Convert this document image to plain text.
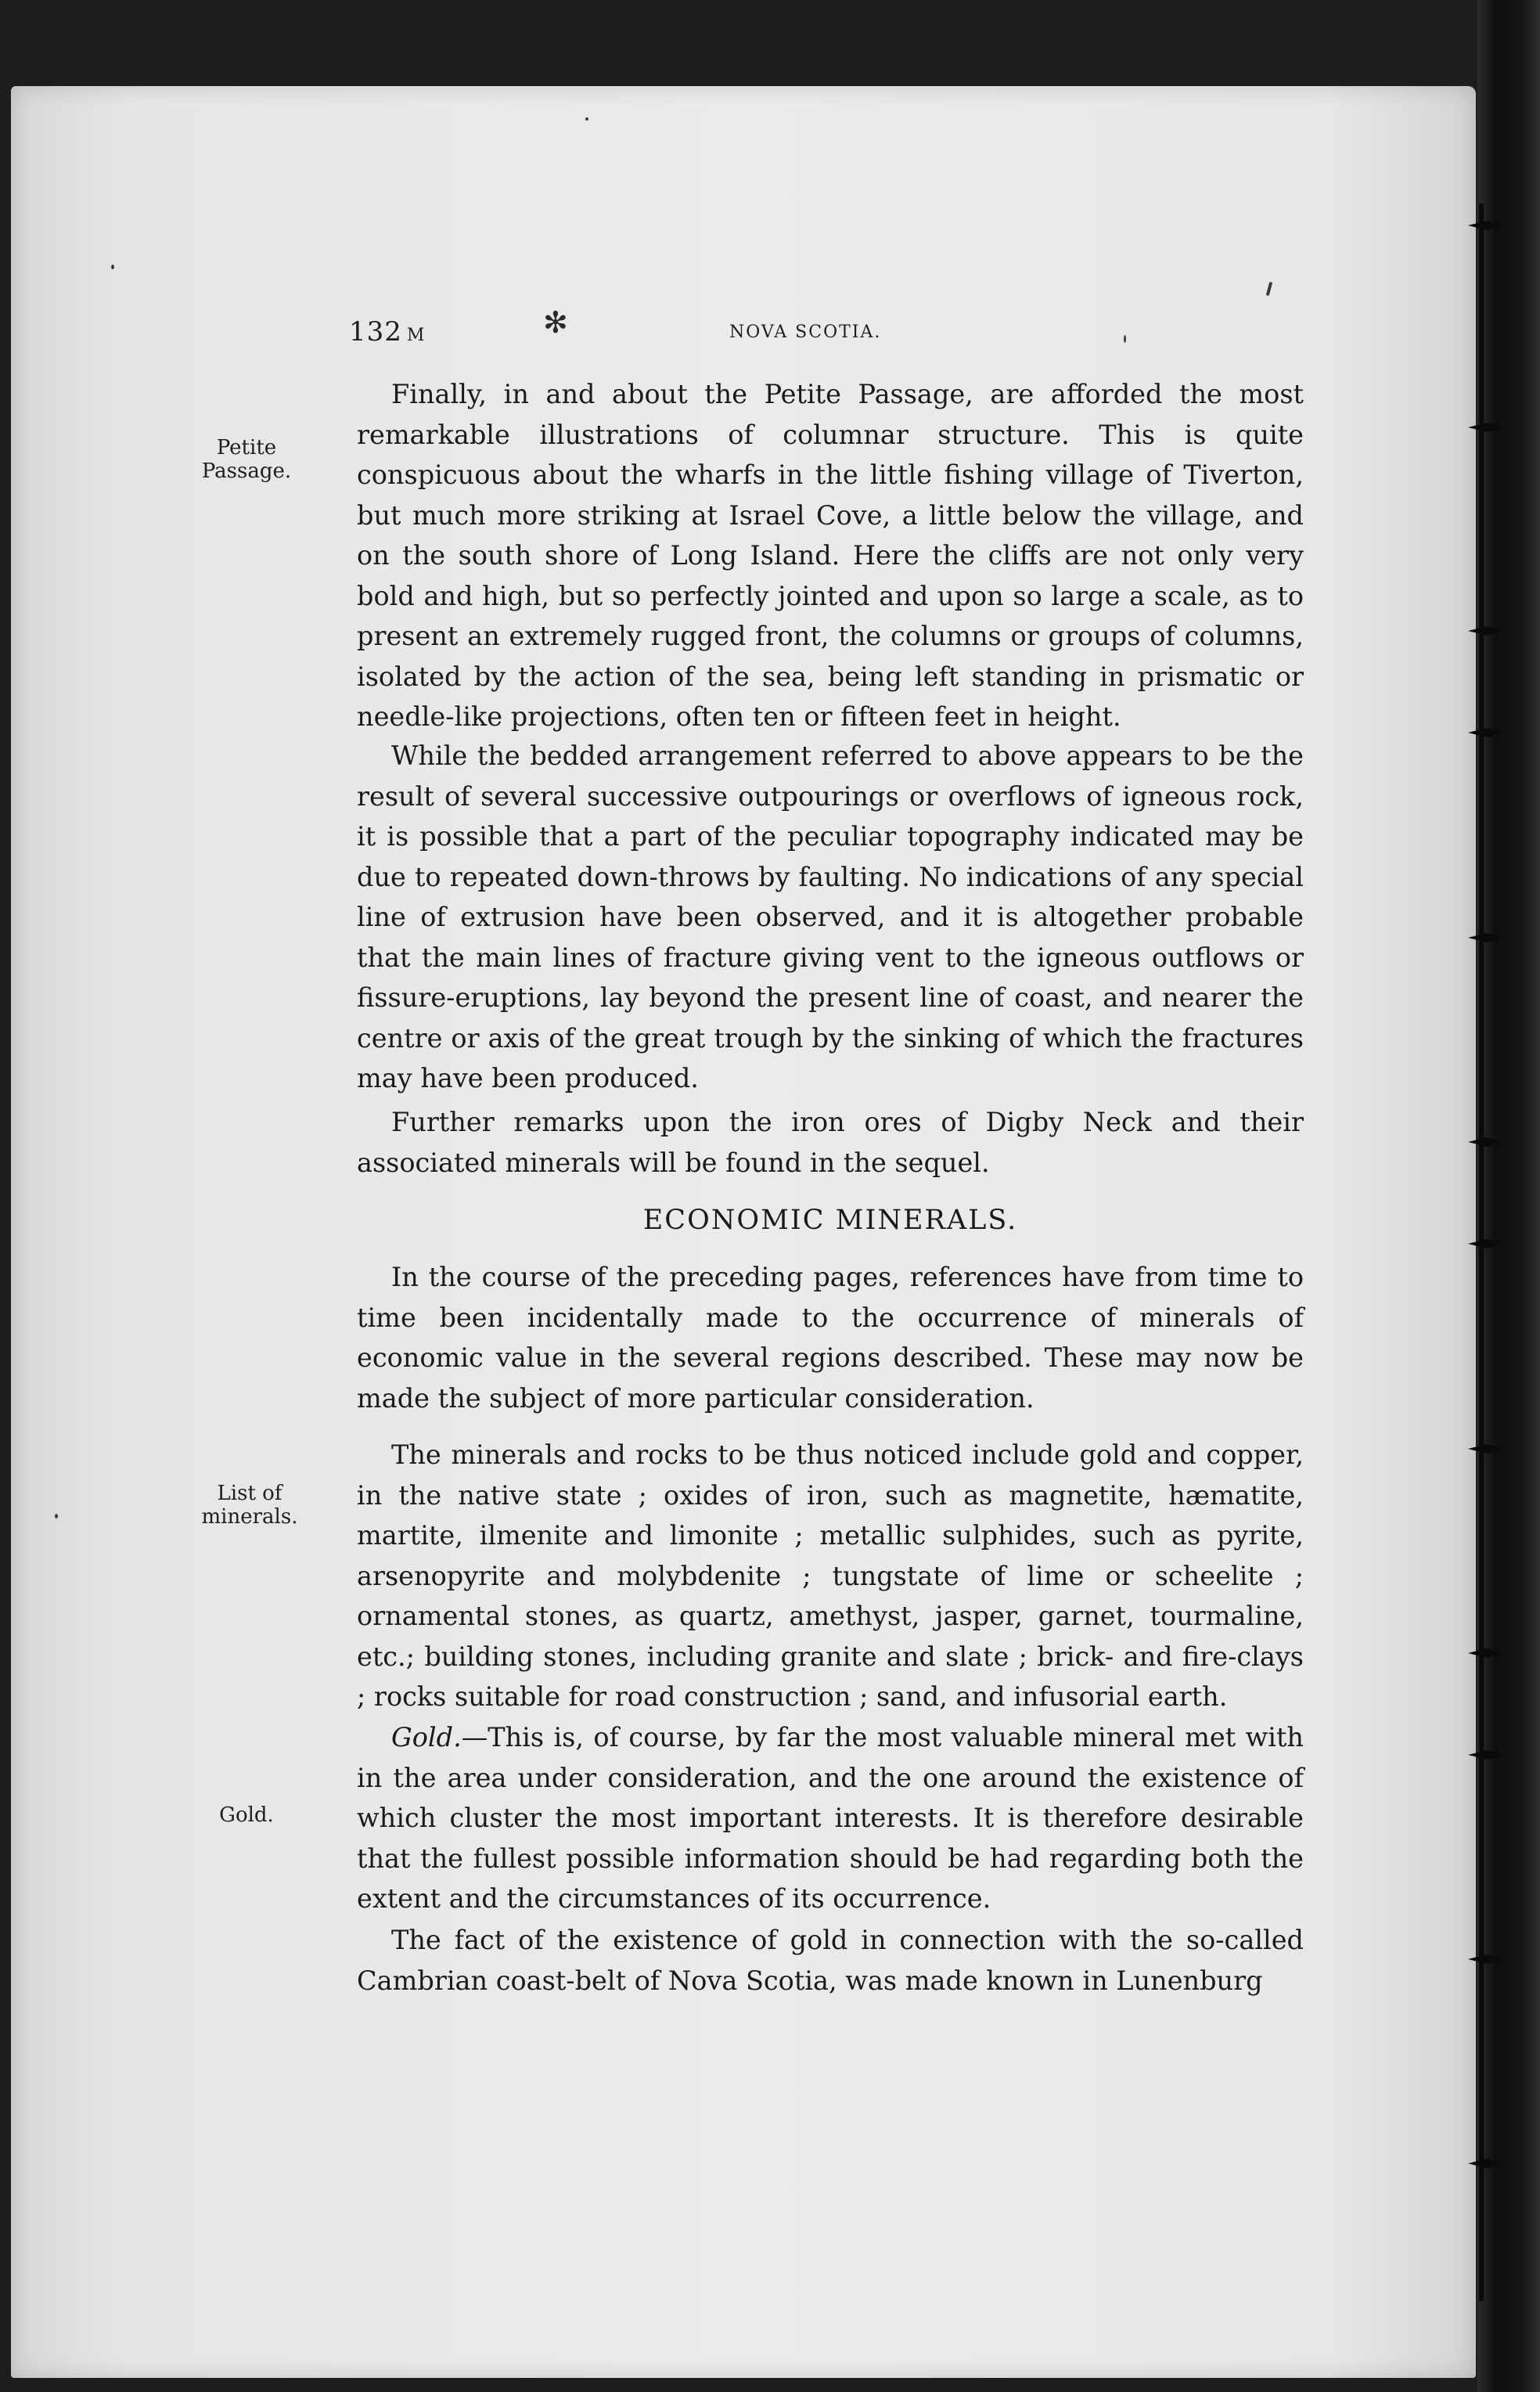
132 M	✻	NOVA SCOTIA.
Petite Passage.
List of minerals.
Gold.

Finally, in and about the Petite Passage, are afforded the most remarkable illustrations of columnar structure. This is quite conspicuous about the wharfs in the little fishing village of Tiverton, but much more striking at Israel Cove, a little below the village, and on the south shore of Long Island. Here the cliffs are not only very bold and high, but so perfectly jointed and upon so large a scale, as to present an extremely rugged front, the columns or groups of columns, isolated by the action of the sea, being left standing in prismatic or needle-like projections, often ten or fifteen feet in height.

While the bedded arrangement referred to above appears to be the result of several successive outpourings or overflows of igneous rock, it is possible that a part of the peculiar topography indicated may be due to repeated down-throws by faulting. No indications of any special line of extrusion have been observed, and it is altogether probable that the main lines of fracture giving vent to the igneous outflows or fissure-eruptions, lay beyond the present line of coast, and nearer the centre or axis of the great trough by the sinking of which the fractures may have been produced.

Further remarks upon the iron ores of Digby Neck and their associated minerals will be found in the sequel.

ECONOMIC MINERALS.

In the course of the preceding pages, references have from time to time been incidentally made to the occurrence of minerals of economic value in the several regions described. These may now be made the subject of more particular consideration.

The minerals and rocks to be thus noticed include gold and copper, in the native state ; oxides of iron, such as magnetite, hæmatite, martite, ilmenite and limonite ; metallic sulphides, such as pyrite, arsenopyrite and molybdenite ; tungstate of lime or scheelite ; ornamental stones, as quartz, amethyst, jasper, garnet, tourmaline, etc.; building stones, including granite and slate ; brick- and fire-clays ; rocks suitable for road construction ; sand, and infusorial earth.

Gold.—This is, of course, by far the most valuable mineral met with in the area under consideration, and the one around the existence of which cluster the most important interests. It is therefore desirable that the fullest possible information should be had regarding both the extent and the circumstances of its occurrence.

The fact of the existence of gold in connection with the so-called Cambrian coast-belt of Nova Scotia, was made known in Lunenburg
